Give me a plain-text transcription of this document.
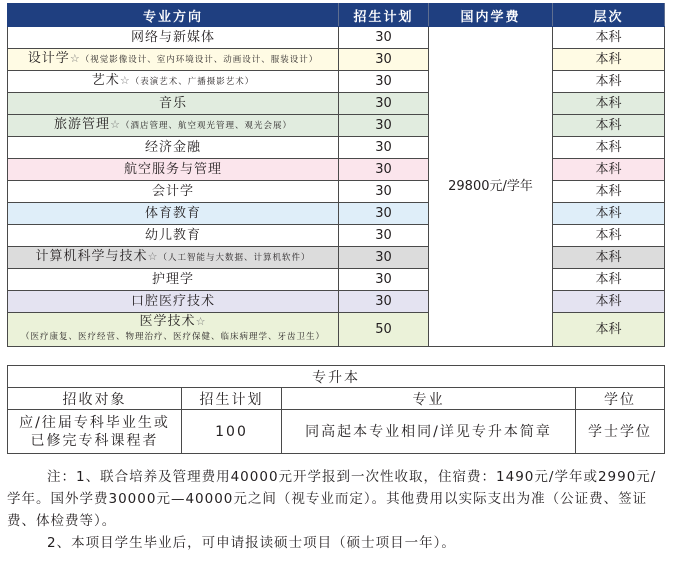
专业方向	招生计划	国内学费	层次
网络与新媒体	30	29800元/学年	本科
设计学☆（视觉影像设计、室内环境设计、动画设计、服装设计）	30		本科
艺术☆（表演艺术、广播摄影艺术）	30		本科
音乐	30		本科
旅游管理☆（酒店管理、航空观光管理、观光会展）	30		本科
经济金融	30		本科
航空服务与管理	30		本科
会计学	30		本科
体育教育	30		本科
幼儿教育	30		本科
计算机科学与技术☆（人工智能与大数据、计算机软件）	30		本科
护理学	30		本科
口腔医疗技术	30		本科
医学技术☆
（医疗康复、医疗经营、物理治疗、医疗保健、临床病理学、牙齿卫生）	50		本科
专升本			
招收对象	招生计划	专业	学位

应/往届专科毕业生或
已修完专科课程者	100	同高起本专业相同/详见专升本简章	学士学位

注：1、联合培养及管理费用40000元开学报到一次性收取，住宿费：1490元/学年或2990元/学年。国外学费30000元—40000元之间（视专业而定）。其他费用以实际支出为准（公证费、签证费、体检费等）。

2、本项目学生毕业后，可申请报读硕士项目（硕士项目一年）。
